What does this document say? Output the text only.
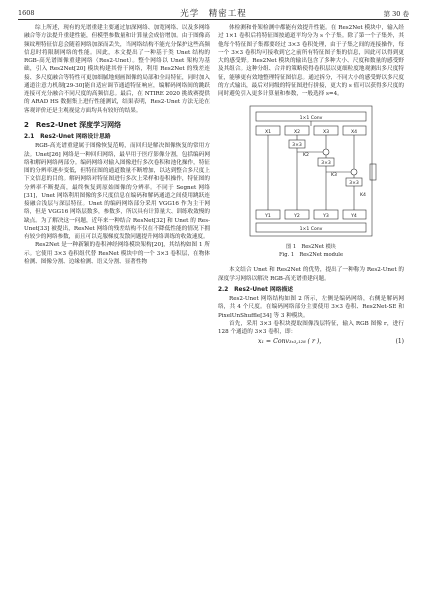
1608	光学　精密工程	第 30 卷

综上所述，现有的光谱重建主要通过加深网络、加宽网络、以及多网络融合等方法提升重建性能，但模型参数量和计算量会成倍增加。由于图像高频纹理特征信息会随着网络加深而丢失，当网络结构不能充分保护这些高频信息时将限制网络的性能。因此，本文提出了一种基于类 Unet 结构的 RGB-高光谱图像重建网络（Res2-Unet）。整个网络以 Unet 架构为基础，引入 Res2Net[20] 模块构建其骨干网络，利用 Res2Net 的残差连接、多尺度融合等特性可更加细腻地刻画图像的局部和全局特征，同时加入通道注意力机制[29-30]能自适应调节通道特征响应，编解码网络间的跳跃连接可充分融合不同尺度的高频信息。最后，在 NTIRE 2020 挑战赛提供的 ARAD HS 数据集上进行性能测试，结果表明，Res2-Unet 方法无论在客观评价还是主观视觉方面均具有较好的结果。

2　Res2-Unet 深度学习网络
2.1　Res2-Unet 网络设计思路

RGB-高光谱重建属于图像恢复范畴，而回归是解决图像恢复的常用方法。Unet[26] 网络是一种回归网络，最早用于医疗影像分割，包括编码网络和解码网络两部分。编码网络对输入图像进行多次卷积和池化操作，特征图的分辨率逐步变低，但特征图的通道数量不断增加，以达到整合多尺度上下文信息的目的。解码网络对特征图进行多次上采样和卷积操作，特征图的分辨率不断提高，最终恢复到原始图像的分辨率。不同于 Segnet 网络[31]，Unet 网络利用图像的多尺度信息在编码和解码通道之间使用跳跃连接融合浅层与深层特征。Unet 的编码网络部分采用 VGG16 作为主干网络，但是 VGG16 网络层数多，参数多，所以具有计算量大、训练收敛慢的缺点。为了解决这一问题，近年来一种结合 ResNet[32] 和 Unet 的 Res-Unet[33] 被提出，ResNet 网络的残差结构不仅在不降低性能的情况下拥有较少的网络参数，而且可以克服梯度发散问题提升网络训练的收敛速度。

Res2Net 是一种新颖的卷积神经网络模块架构[20]，其结构如图 1 所示。它使用 3×3 卷积组代替 ResNet 模块中的一个 3×3 卷积层，在物体检测、图像分割、边缘检测、语义分割、显著性物

体检测和骨架检测中都能有效提升性能。在 Res2Net 模块中，输入经过 1×1 卷积后将特征图按通道平均分为 s 个子集。除了第一个子集外，其他每个特征图子集都要经过 3×3 卷积处理，由于子集之间的连接操作，每一个 3×3 卷积均可接收到它之前所有特征图子集的信息，因此可以得到更大的感受野。Res2Net 模块的输出包含了多种大小、尺度和数量的感受野及其组合。这种分组、合并的策略使得卷积层以更细粒度地观测出多尺度特征，能够更有效地整理特征图信息。通过拆分，不同大小的感受野以多尺度的方式输出，最后对同级的特征图进行拼接，更大的 s 值可以获得多尺度的同时避免引入更多计算量和参数，一般选择 s=4。

1×1 Conv
X1	X2	X3	X4
3×3
3×3
3×3
K2
K3
K4
Y1	Y2	Y3	Y4
1×1 Conv
图 1　Res2Net 模块
Fig. 1　Res2Net module

本文结合 Unet 和 Res2Net 的优势，提出了一种称为 Res2-Unet 的深度学习网络以解决 RGB-高光谱重建问题。

2.2　Res2-Unet 网络描述

Res2-Unet 网络结构如图 2 所示，左侧是编码网络，右侧是解码网络，共 4 个尺度。在编码网络部分主要使用 3×3 卷积、Res2Net-SE 和 PixelUnShuffle[34] 等 3 种模块。

首先，采用 3×3 卷积块提取图像浅层特征，输入 RGB 图像 r，进行 128 个通道的 3×3 卷积，即：

x₁ = Conv₃ₓ₃,₁₂₈ ( r )，	(1)
